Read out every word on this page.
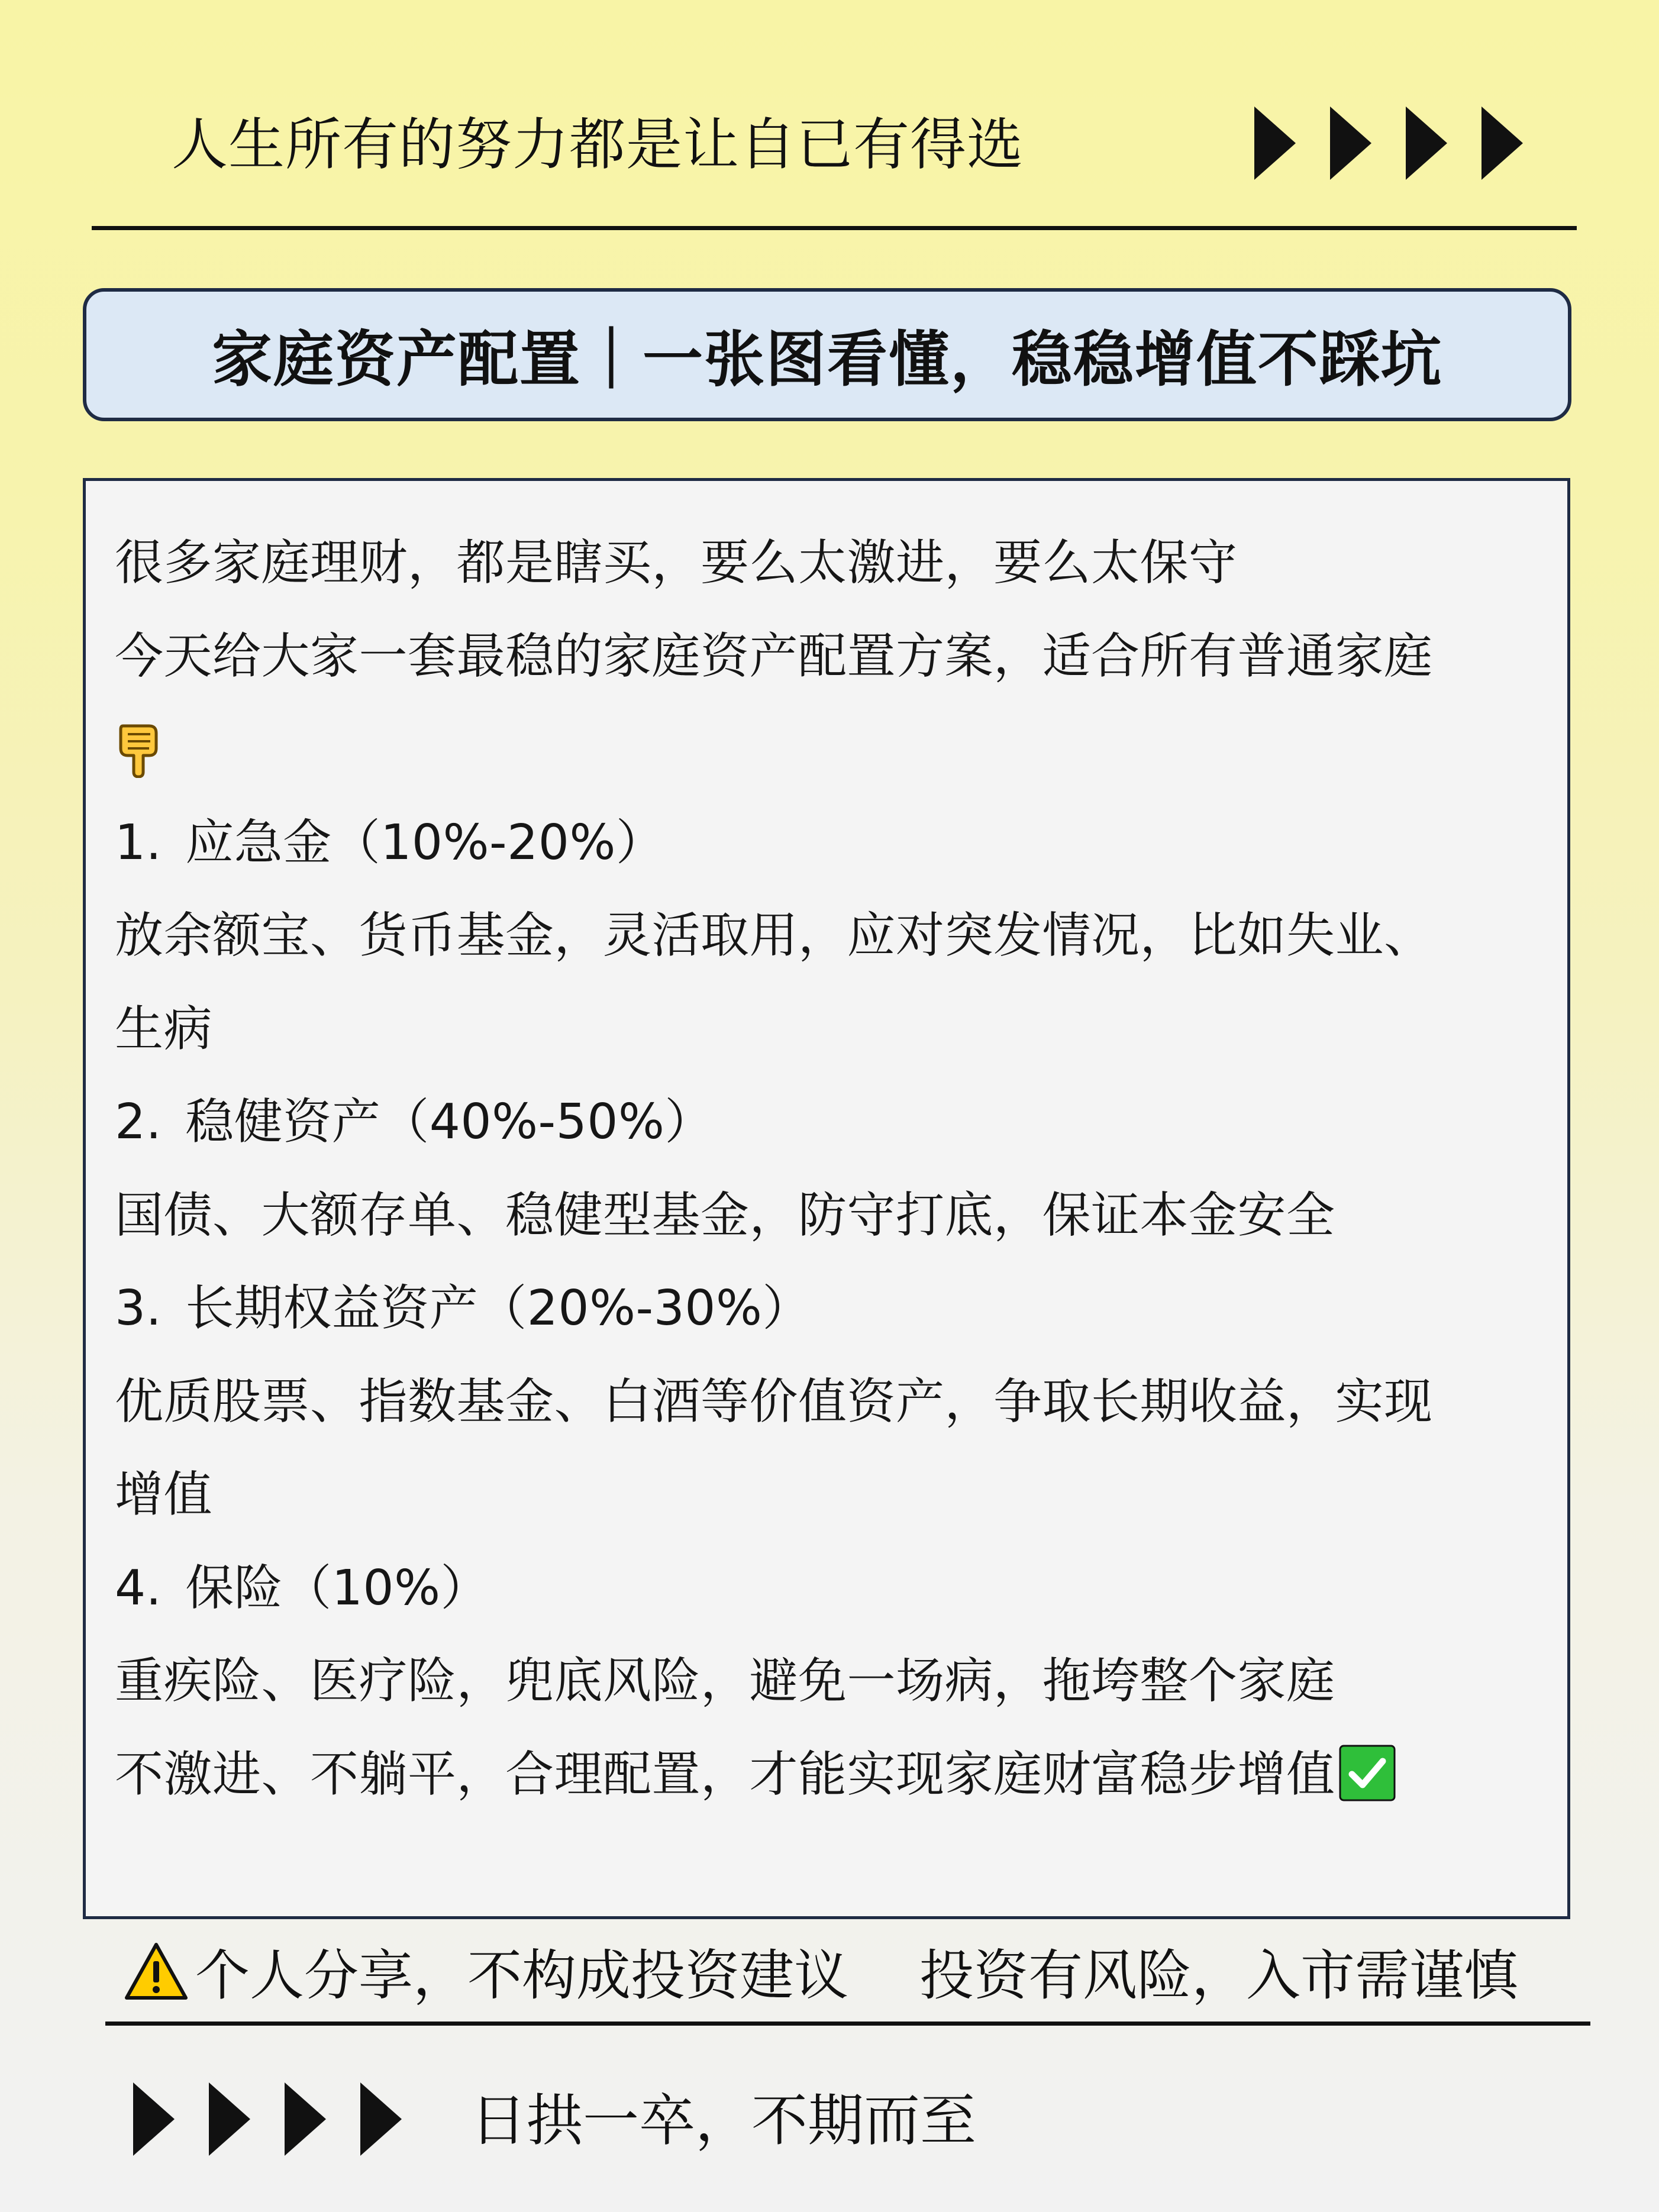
人生所有的努力都是让自已有得选
家庭资产配置｜一张图看懂，稳稳增值不踩坑
很多家庭理财，都是瞎买，要么太激进，要么太保守
今天给大家一套最稳的家庭资产配置方案，适合所有普通家庭
1. 应急金（10%-20%）
放余额宝、货币基金，灵活取用，应对突发情况，比如失业、
生病
2. 稳健资产（40%-50%）
国债、大额存单、稳健型基金，防守打底，保证本金安全
3. 长期权益资产（20%-30%）
优质股票、指数基金、白酒等价值资产，争取长期收益，实现
增值
4. 保险（10%）
重疾险、医疗险，兜底风险，避免一场病，拖垮整个家庭
不激进、不躺平，合理配置，才能实现家庭财富稳步增值
个人分享，不构成投资建议 投资有风险，入市需谨慎
日拱一卒，不期而至
